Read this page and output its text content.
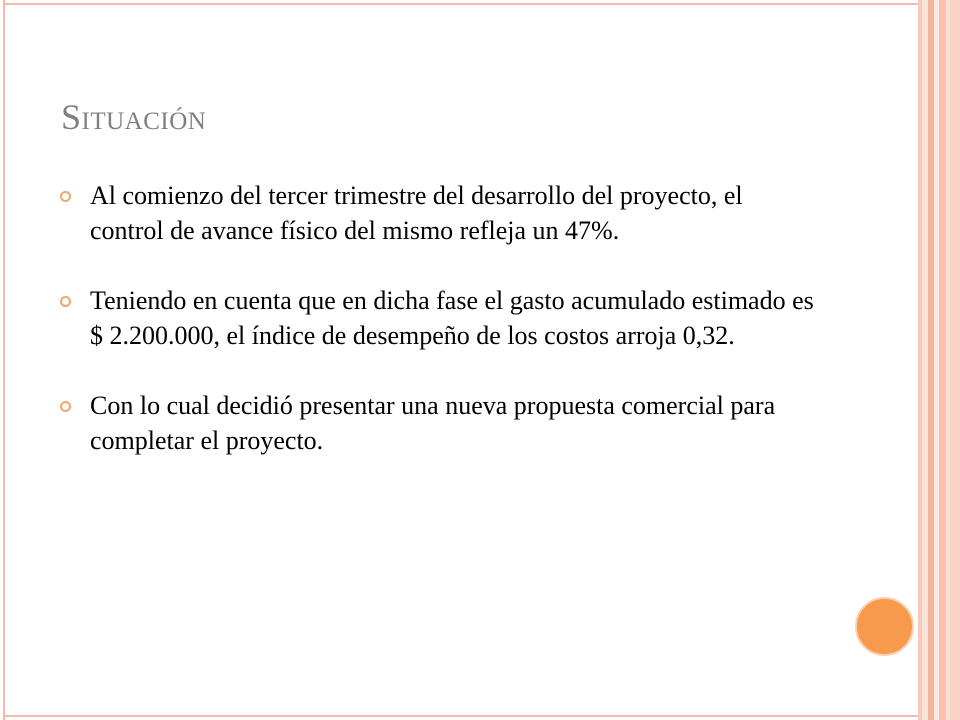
Situación
Al comienzo del tercer trimestre del desarrollo del proyecto, el control de avance físico del mismo refleja un 47%.
Teniendo en cuenta que en dicha fase el gasto acumulado estimado es $ 2.200.000, el índice de desempeño de los costos arroja 0,32.
Con lo cual decidió presentar una nueva propuesta comercial para completar el proyecto.
